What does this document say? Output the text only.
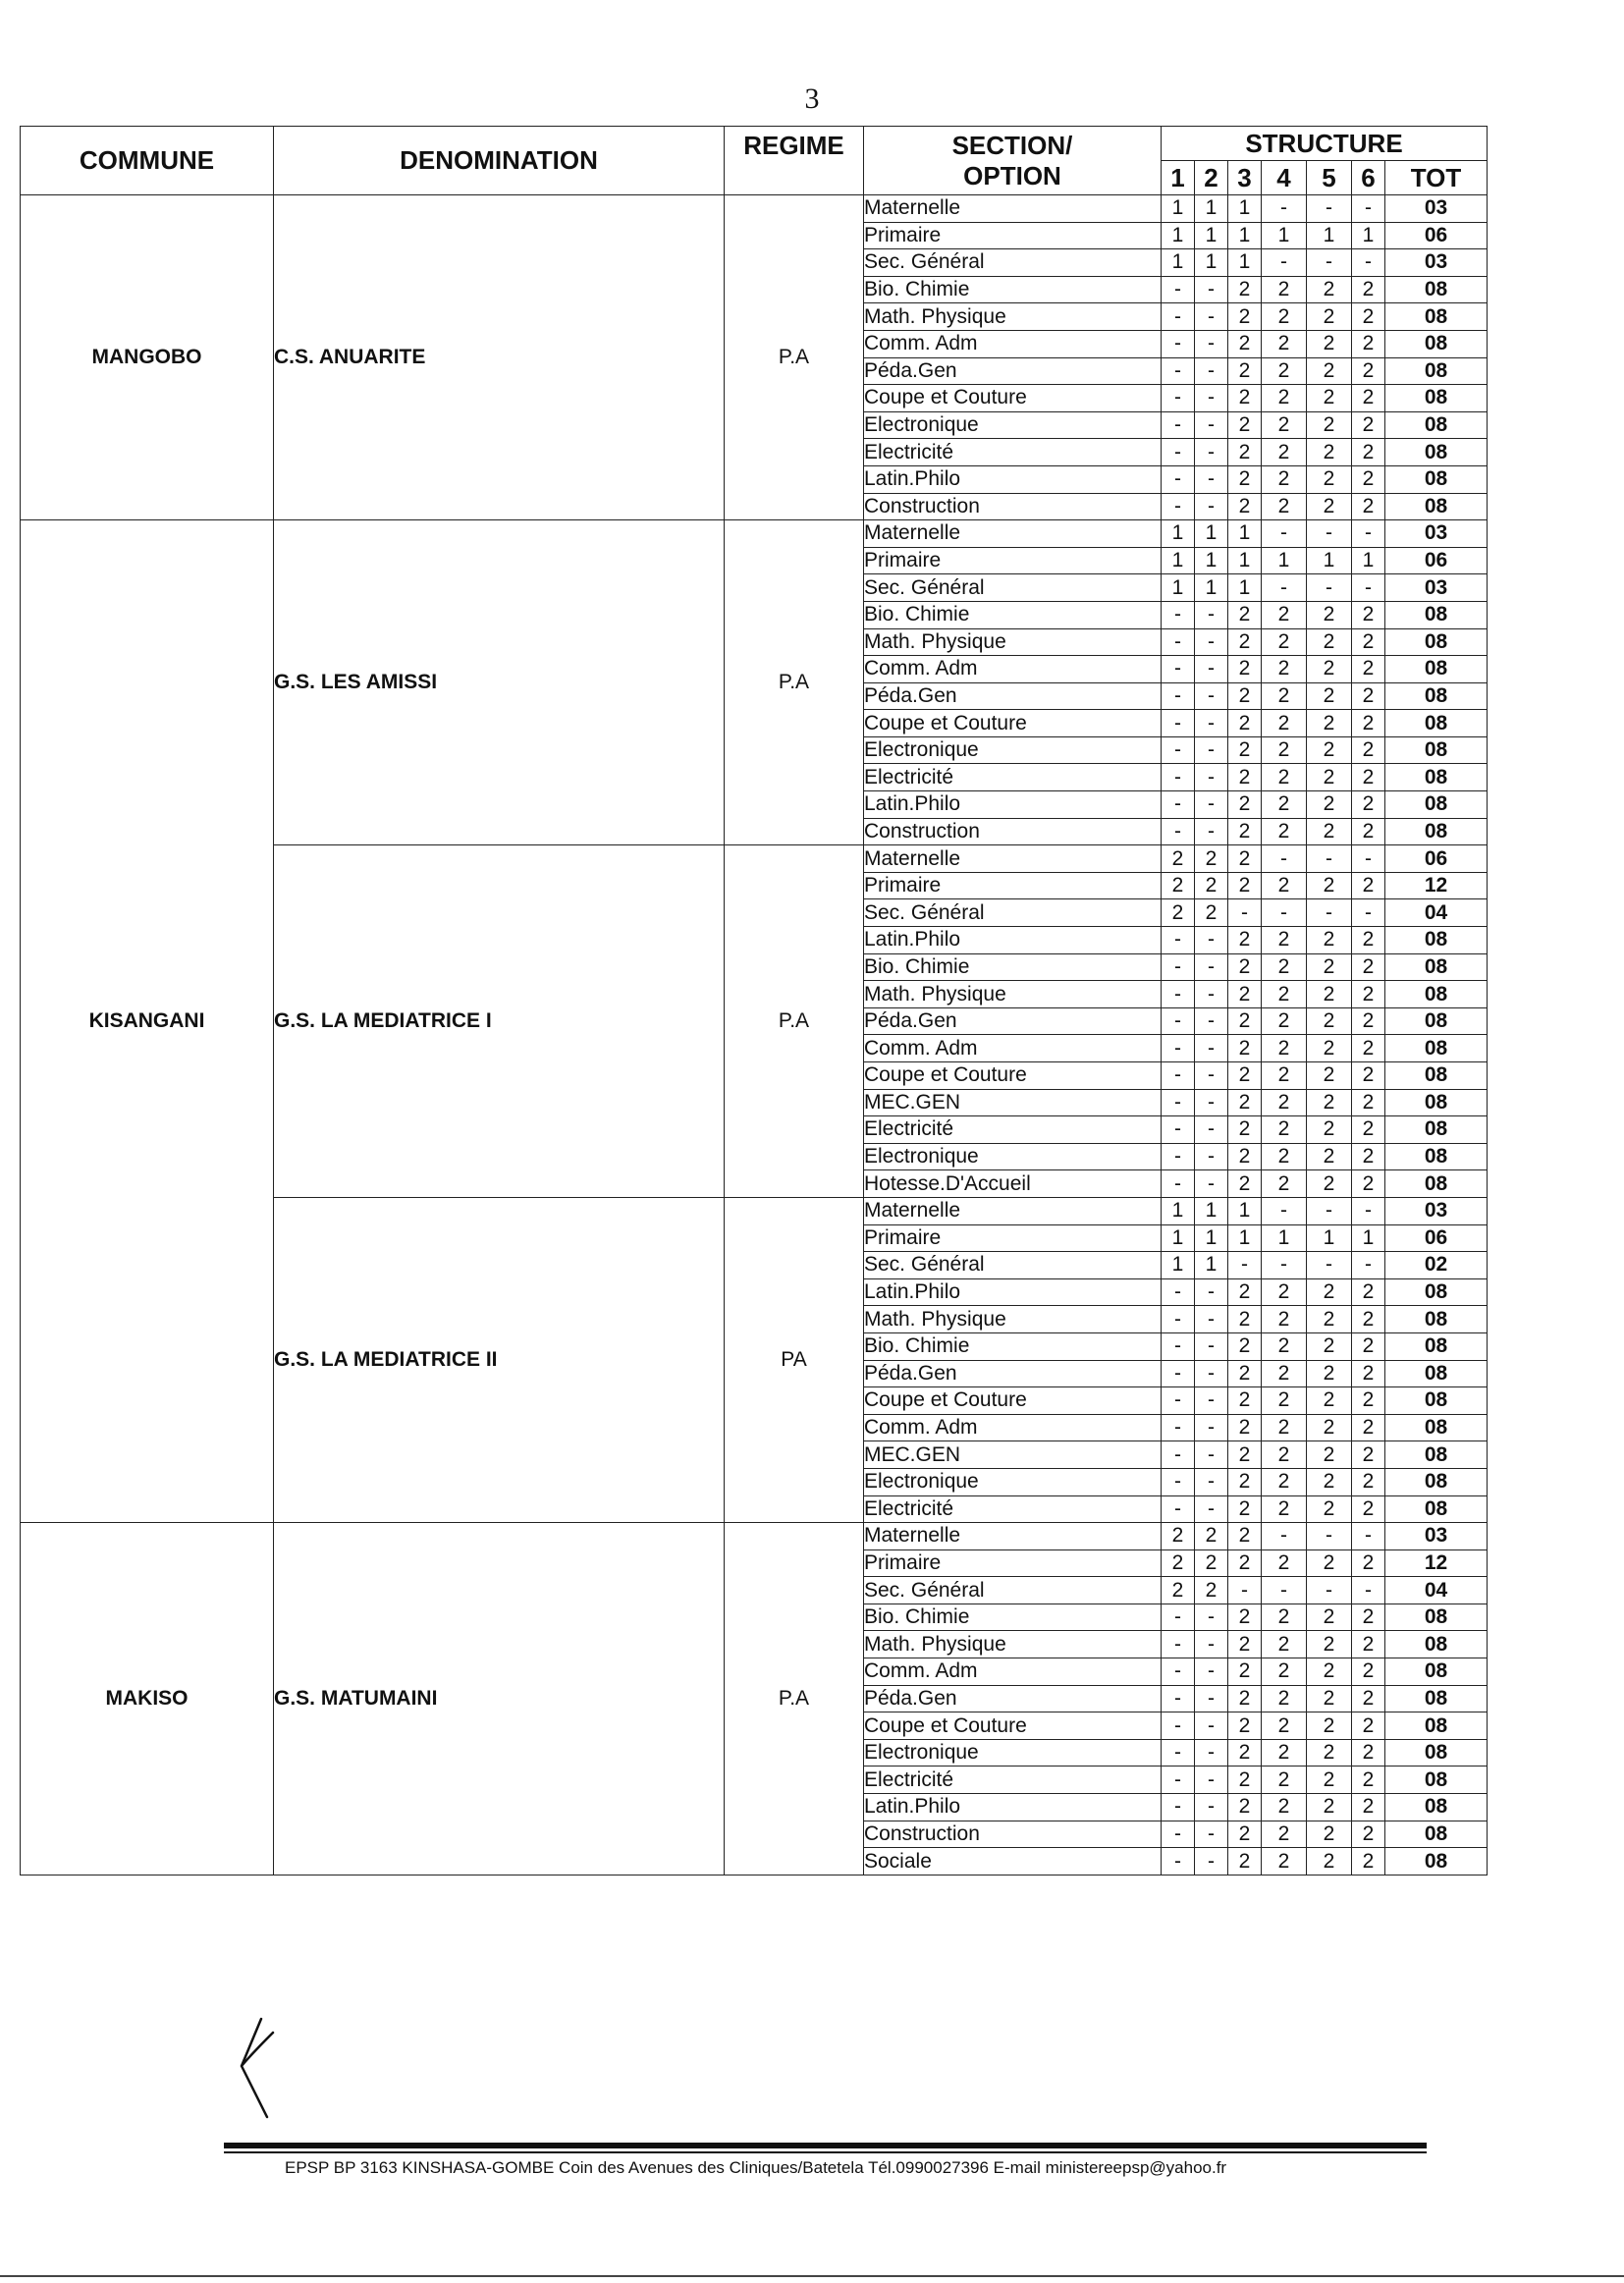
3
COMMUNE	DENOMINATION	REGIME	SECTION/
OPTION	STRUCTURE						
				1	2	3	4	5	6	TOT
MANGOBO	C.S. ANUARITE	P.A	Maternelle	1	1	1	-	-	-	03
			Primaire	1	1	1	1	1	1	06
			Sec. Général	1	1	1	-	-	-	03
			Bio. Chimie	-	-	2	2	2	2	08
			Math. Physique	-	-	2	2	2	2	08
			Comm. Adm	-	-	2	2	2	2	08
			Péda.Gen	-	-	2	2	2	2	08
			Coupe et Couture	-	-	2	2	2	2	08
			Electronique	-	-	2	2	2	2	08
			Electricité	-	-	2	2	2	2	08
			Latin.Philo	-	-	2	2	2	2	08
			Construction	-	-	2	2	2	2	08
KISANGANI	G.S. LES AMISSI	P.A	Maternelle	1	1	1	-	-	-	03
			Primaire	1	1	1	1	1	1	06
			Sec. Général	1	1	1	-	-	-	03
			Bio. Chimie	-	-	2	2	2	2	08
			Math. Physique	-	-	2	2	2	2	08
			Comm. Adm	-	-	2	2	2	2	08
			Péda.Gen	-	-	2	2	2	2	08
			Coupe et Couture	-	-	2	2	2	2	08
			Electronique	-	-	2	2	2	2	08
			Electricité	-	-	2	2	2	2	08
			Latin.Philo	-	-	2	2	2	2	08
			Construction	-	-	2	2	2	2	08
	G.S. LA MEDIATRICE I	P.A	Maternelle	2	2	2	-	-	-	06
			Primaire	2	2	2	2	2	2	12
			Sec. Général	2	2	-	-	-	-	04
			Latin.Philo	-	-	2	2	2	2	08
			Bio. Chimie	-	-	2	2	2	2	08
			Math. Physique	-	-	2	2	2	2	08
			Péda.Gen	-	-	2	2	2	2	08
			Comm. Adm	-	-	2	2	2	2	08
			Coupe et Couture	-	-	2	2	2	2	08
			MEC.GEN	-	-	2	2	2	2	08
			Electricité	-	-	2	2	2	2	08
			Electronique	-	-	2	2	2	2	08
			Hotesse.D'Accueil	-	-	2	2	2	2	08
	G.S. LA MEDIATRICE II	PA	Maternelle	1	1	1	-	-	-	03
			Primaire	1	1	1	1	1	1	06
			Sec. Général	1	1	-	-	-	-	02
			Latin.Philo	-	-	2	2	2	2	08
			Math. Physique	-	-	2	2	2	2	08
			Bio. Chimie	-	-	2	2	2	2	08
			Péda.Gen	-	-	2	2	2	2	08
			Coupe et Couture	-	-	2	2	2	2	08
			Comm. Adm	-	-	2	2	2	2	08
			MEC.GEN	-	-	2	2	2	2	08
			Electronique	-	-	2	2	2	2	08
			Electricité	-	-	2	2	2	2	08
MAKISO	G.S. MATUMAINI	P.A	Maternelle	2	2	2	-	-	-	03
			Primaire	2	2	2	2	2	2	12
			Sec. Général	2	2	-	-	-	-	04
			Bio. Chimie	-	-	2	2	2	2	08
			Math. Physique	-	-	2	2	2	2	08
			Comm. Adm	-	-	2	2	2	2	08
			Péda.Gen	-	-	2	2	2	2	08
			Coupe et Couture	-	-	2	2	2	2	08
			Electronique	-	-	2	2	2	2	08
			Electricité	-	-	2	2	2	2	08
			Latin.Philo	-	-	2	2	2	2	08
			Construction	-	-	2	2	2	2	08
			Sociale	-	-	2	2	2	2	08
EPSP BP 3163 KINSHASA-GOMBE Coin des Avenues des Cliniques/Batetela Tél.0990027396 E-mail ministereepsp@yahoo.fr
